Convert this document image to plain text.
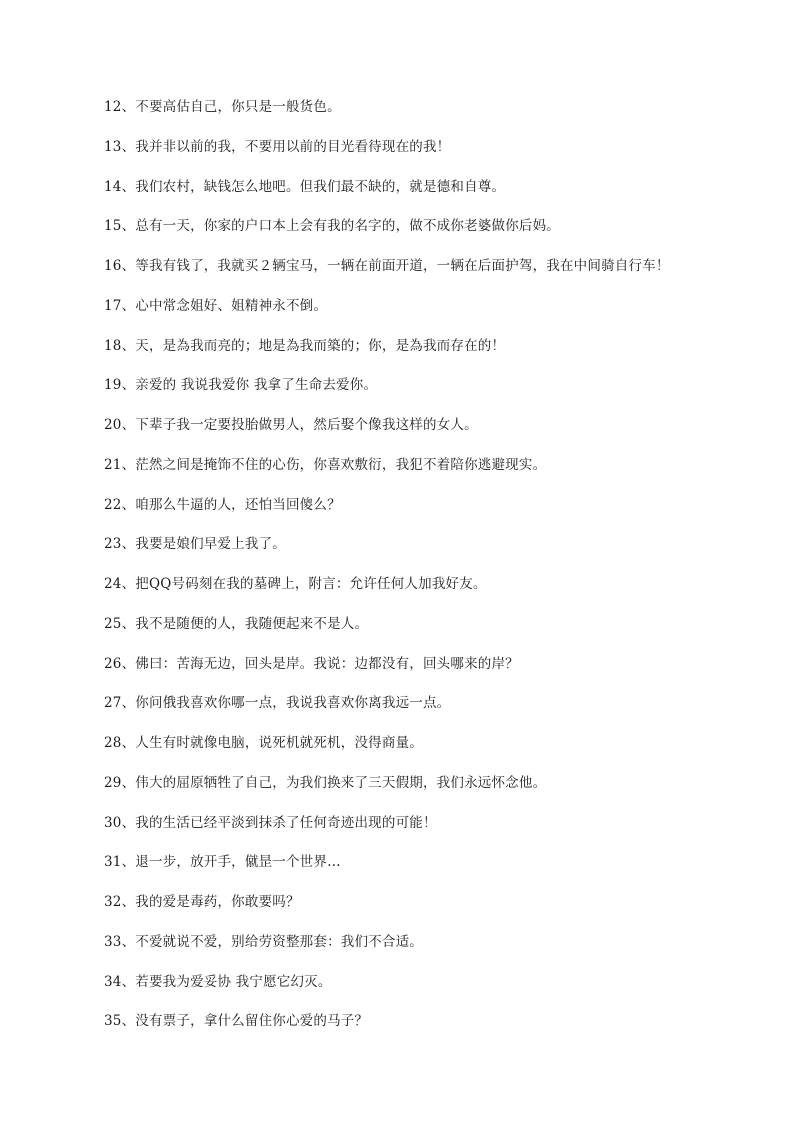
12、不要高估自己，你只是一般货色。
13、我并非以前的我，不要用以前的目光看待现在的我！
14、我们农村，缺钱怎么地吧。但我们最不缺的，就是德和自尊。
15、总有一天，你家的户口本上会有我的名字的，做不成你老婆做你后妈。
16、等我有钱了，我就买２辆宝马，一辆在前面开道，一辆在后面护驾，我在中间骑自行车！
17、心中常念姐好、姐精神永不倒。
18、天，是為我而亮的；地是為我而築的；你，是為我而存在的！
19、亲爱的 我说我爱你 我拿了生命去爱你。
20、下辈子我一定要投胎做男人，然后娶个像我这样的女人。
21、茫然之间是掩饰不住的心伤，你喜欢敷衍，我犯不着陪你逃避现实。
22、咱那么牛逼的人，还怕当回傻么？
23、我要是娘们早爱上我了。
24、把QQ号码刻在我的墓碑上，附言：允许任何人加我好友。
25、我不是随便的人，我随便起来不是人。
26、佛曰：苦海无边，回头是岸。我说：边都没有，回头哪来的岸？
27、你问俄我喜欢你哪一点，我说我喜欢你离我远一点。
28、人生有时就像电脑，说死机就死机，没得商量。
29、伟大的屈原牺牲了自己，为我们换来了三天假期，我们永远怀念他。
30、我的生活已经平淡到抹杀了任何奇迹出现的可能！
31、退一步，放开手，僦昰一个世界…
32、我的爱是毒药，你敢要吗？
33、不爱就说不爱，别给劳资整那套：我们不合适。
34、若要我为爱妥协 我宁愿它幻灭。
35、没有票子，拿什么留住你心爱的马子？
